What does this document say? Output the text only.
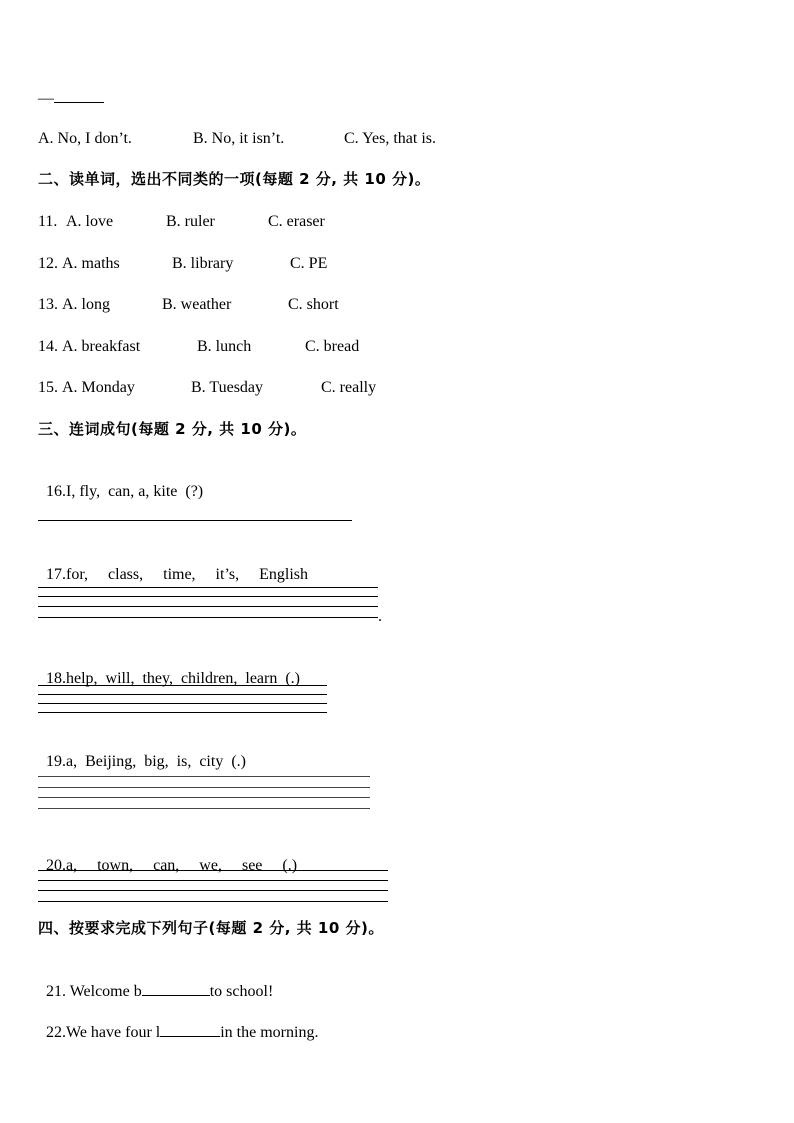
—
A. No, I don’t.	B. No, it isn’t.	C. Yes, that is.
二、读单词，选出不同类的一项(每题 2 分, 共 10 分)。
11. A. love	B. ruler	C. eraser
12. A. maths	B. library	C. PE
13. A. long	B. weather	C. short
14. A. breakfast	B. lunch	C. bread
15. A. Monday	B. Tuesday	C. really
三、连词成句(每题 2 分, 共 10 分)。

16.I, fly,  can, a, kite  (?)

17.for,     class,     time,     it’s,     English

.

18.help,  will,  they,  children,  learn  (.)

19.a,  Beijing,  big,  is,  city  (.)

20.a,     town,     can,     we,     see     (.)

四、按要求完成下列句子(每题 2 分, 共 10 分)。

21. Welcome b	to school!

22.We have four l	in the morning.
